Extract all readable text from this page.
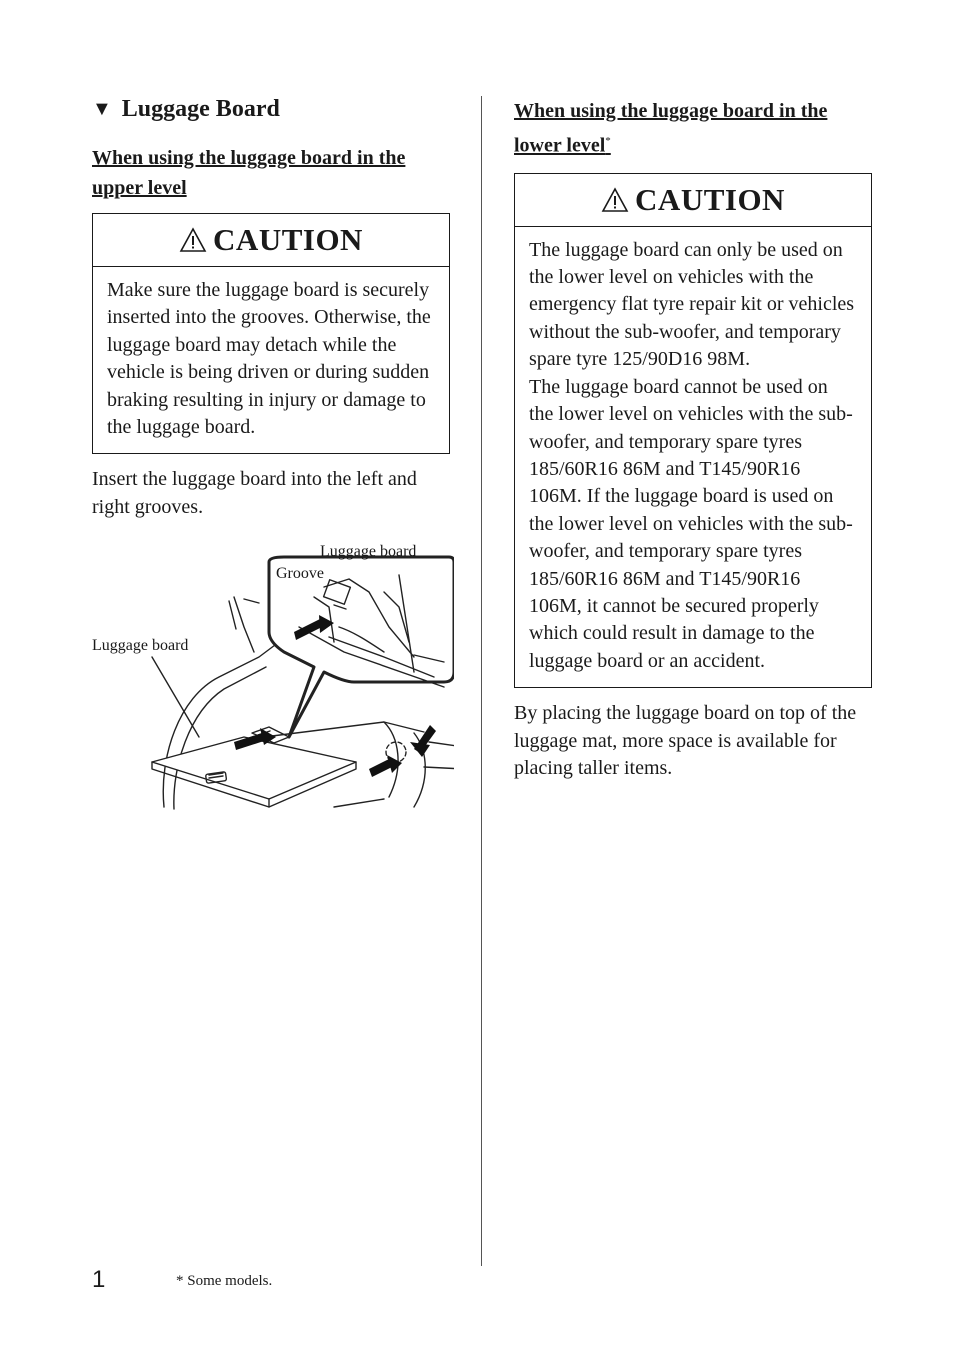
▼ Luggage Board
When using the luggage board in the upper level
CAUTION

Make sure the luggage board is securely inserted into the grooves. Otherwise, the luggage board may detach while the vehicle is being driven or during sudden braking resulting in injury or damage to the luggage board.

Insert the luggage board into the left and right grooves.

Luggage board
Groove
Luggage board
When using the luggage board in the lower level*
CAUTION

The luggage board can only be used on the lower level on vehicles with the emergency flat tyre repair kit or vehicles without the sub-woofer, and temporary spare tyre 125/90D16 98M.

The luggage board cannot be used on the lower level on vehicles with the sub-woofer, and temporary spare tyres 185/60R16 86M and T145/90R16 106M. If the luggage board is used on the lower level on vehicles with the sub-woofer, and temporary spare tyres 185/60R16 86M and T145/90R16 106M, it cannot be secured properly which could result in damage to the luggage board or an accident.

By placing the luggage board on top of the luggage mat, more space is available for placing taller items.

1	* Some models.
